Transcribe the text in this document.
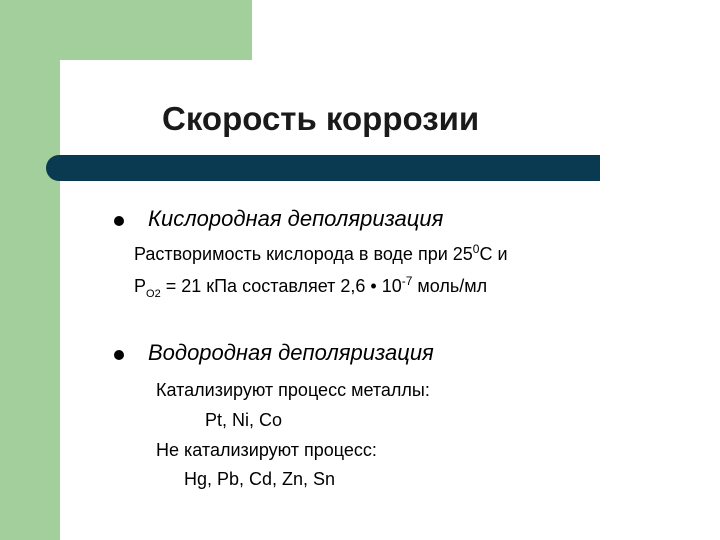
Скорость коррозии
Кислородная деполяризация
Растворимость кислорода в воде при $25^0С$ и
$P_{O2} = 21$ кПа составляет 2,6 • $10^{-7}$ моль/мл
Водородная деполяризация
Катализируют процесс металлы:
Pt, Ni, Co
Не катализируют процесс:
Hg, Pb, Cd, Zn, Sn
